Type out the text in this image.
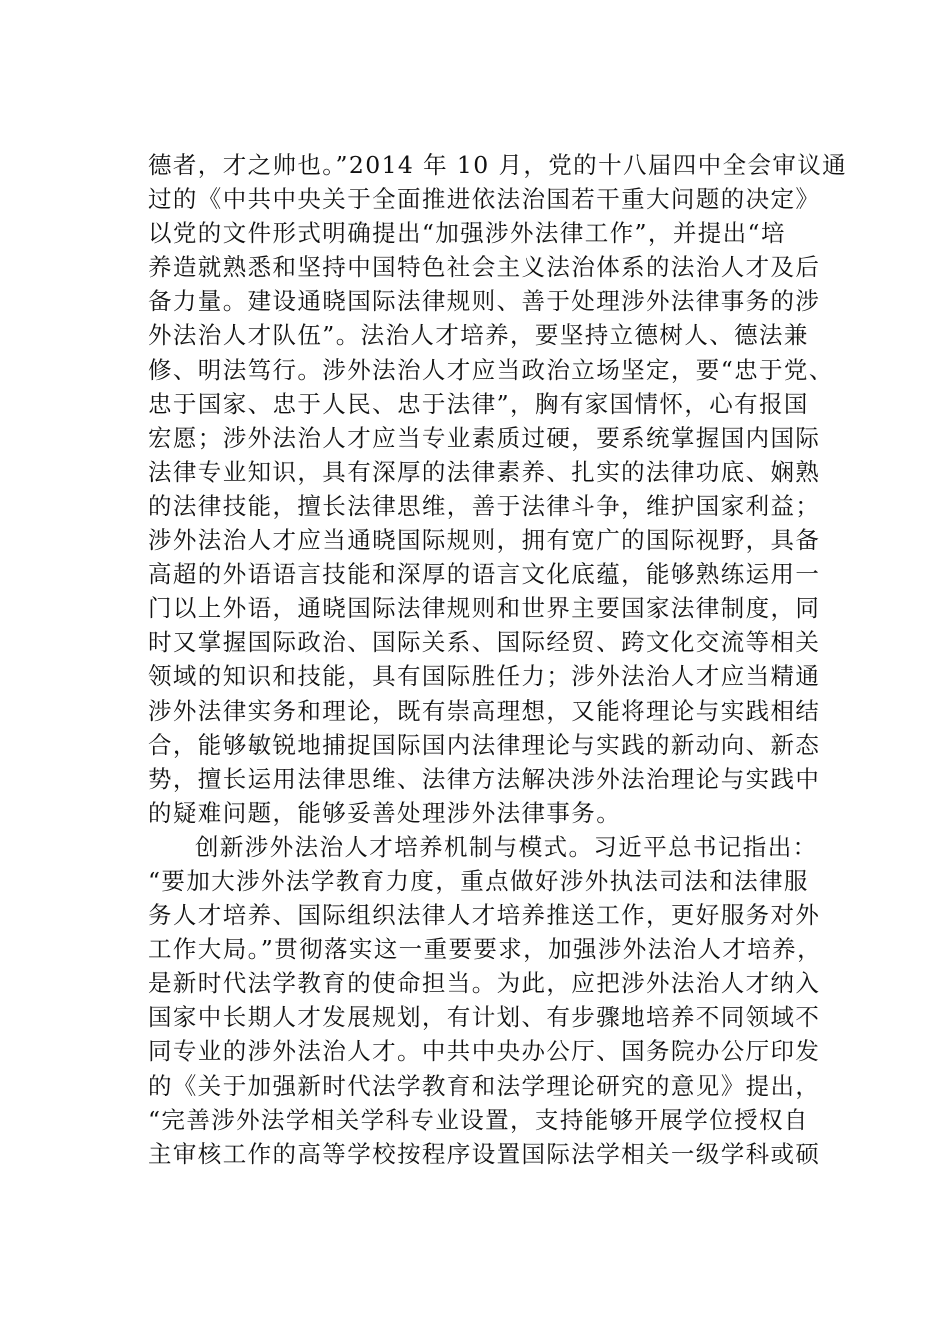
德者，才之帅也。”2014 年 10 月，党的十八届四中全会审议通
过的《中共中央关于全面推进依法治国若干重大问题的决定》
以党的文件形式明确提出“加强涉外法律工作”，并提出“培
养造就熟悉和坚持中国特色社会主义法治体系的法治人才及后
备力量。建设通晓国际法律规则、善于处理涉外法律事务的涉
外法治人才队伍”。法治人才培养，要坚持立德树人、德法兼
修、明法笃行。涉外法治人才应当政治立场坚定，要“忠于党、
忠于国家、忠于人民、忠于法律”，胸有家国情怀，心有报国
宏愿；涉外法治人才应当专业素质过硬，要系统掌握国内国际
法律专业知识，具有深厚的法律素养、扎实的法律功底、娴熟
的法律技能，擅长法律思维，善于法律斗争，维护国家利益；
涉外法治人才应当通晓国际规则，拥有宽广的国际视野，具备
高超的外语语言技能和深厚的语言文化底蕴，能够熟练运用一
门以上外语，通晓国际法律规则和世界主要国家法律制度，同
时又掌握国际政治、国际关系、国际经贸、跨文化交流等相关
领域的知识和技能，具有国际胜任力；涉外法治人才应当精通
涉外法律实务和理论，既有崇高理想，又能将理论与实践相结
合，能够敏锐地捕捉国际国内法律理论与实践的新动向、新态
势，擅长运用法律思维、法律方法解决涉外法治理论与实践中
的疑难问题，能够妥善处理涉外法律事务。
创新涉外法治人才培养机制与模式。习近平总书记指出：
“要加大涉外法学教育力度，重点做好涉外执法司法和法律服
务人才培养、国际组织法律人才培养推送工作，更好服务对外
工作大局。”贯彻落实这一重要要求，加强涉外法治人才培养，
是新时代法学教育的使命担当。为此，应把涉外法治人才纳入
国家中长期人才发展规划，有计划、有步骤地培养不同领域不
同专业的涉外法治人才。中共中央办公厅、国务院办公厅印发
的《关于加强新时代法学教育和法学理论研究的意见》提出，
“完善涉外法学相关学科专业设置，支持能够开展学位授权自
主审核工作的高等学校按程序设置国际法学相关一级学科或硕
